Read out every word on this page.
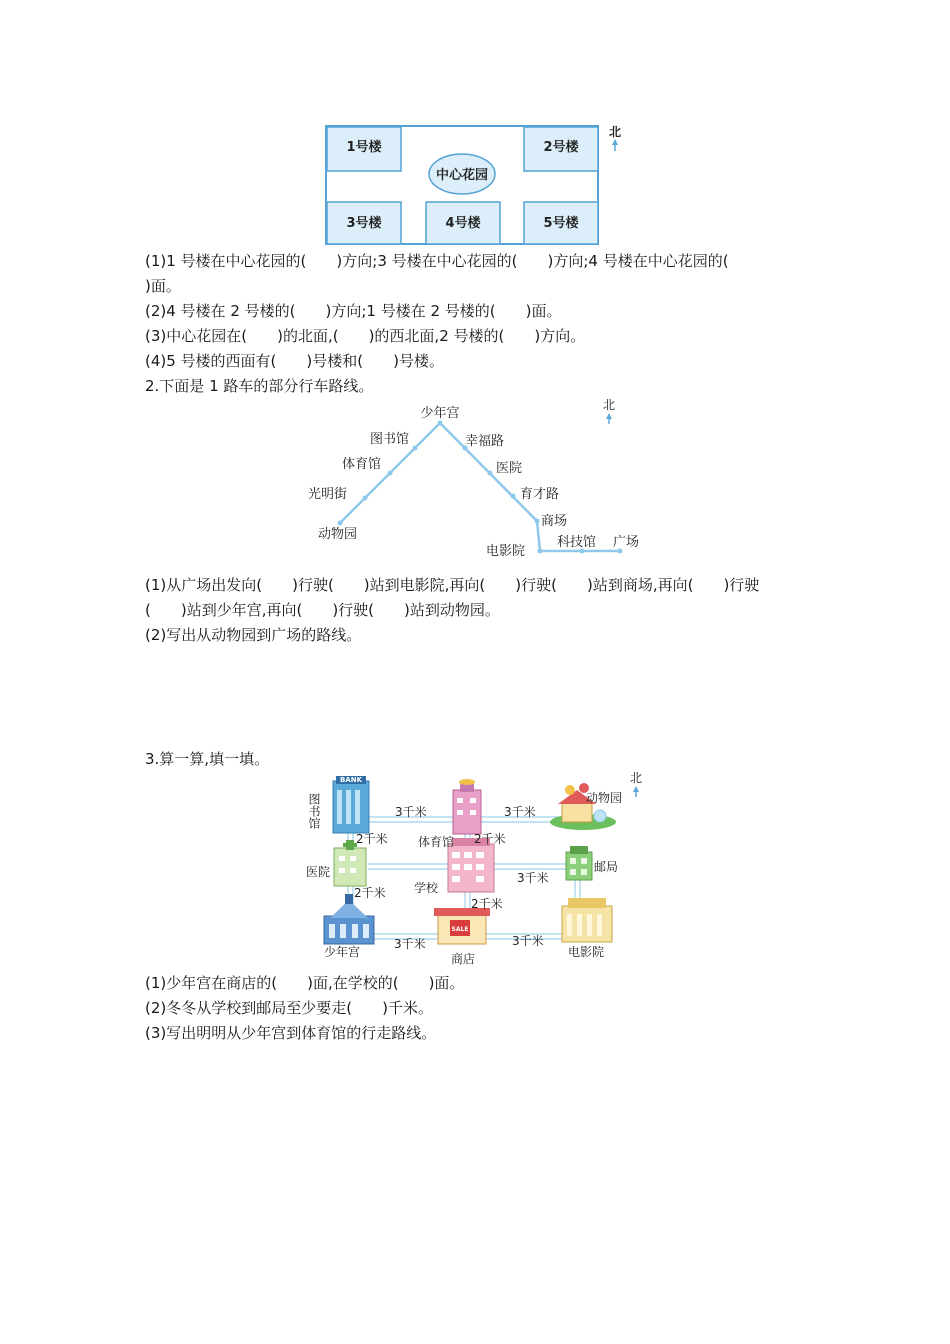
1号楼	2号楼
3号楼	4号楼	5号楼
中心花园
北
(1)1 号楼在中心花园的(　　)方向;3 号楼在中心花园的(　　)方向;4 号楼在中心花园的(
)面。
(2)4 号楼在 2 号楼的(　　)方向;1 号楼在 2 号楼的(　　)面。
(3)中心花园在(　　)的北面,(　　)的西北面,2 号楼的(　　)方向。
(4)5 号楼的西面有(　　)号楼和(　　)号楼。
2.下面是 1 路车的部分行车路线。
少年宫
图书馆
体育馆
光明街
动物园
幸福路
医院
育才路
商场
电影院
科技馆 广场
北
(1)从广场出发向(　　)行驶(　　)站到电影院,再向(　　)行驶(　　)站到商场,再向(　　)行驶
(　　)站到少年宫,再向(　　)行驶(　　)站到动物园。
(2)写出从动物园到广场的路线。
3.算一算,填一填。
BANK
图书馆
SALE
体育馆
动物园
医院
学校
邮局
少年宫	商店	电影院
3千米	3千米
2千米	2千米
3千米
2千米
2千米
3千米	3千米
北
(1)少年宫在商店的(　　)面,在学校的(　　)面。
(2)冬冬从学校到邮局至少要走(　　)千米。
(3)写出明明从少年宫到体育馆的行走路线。
